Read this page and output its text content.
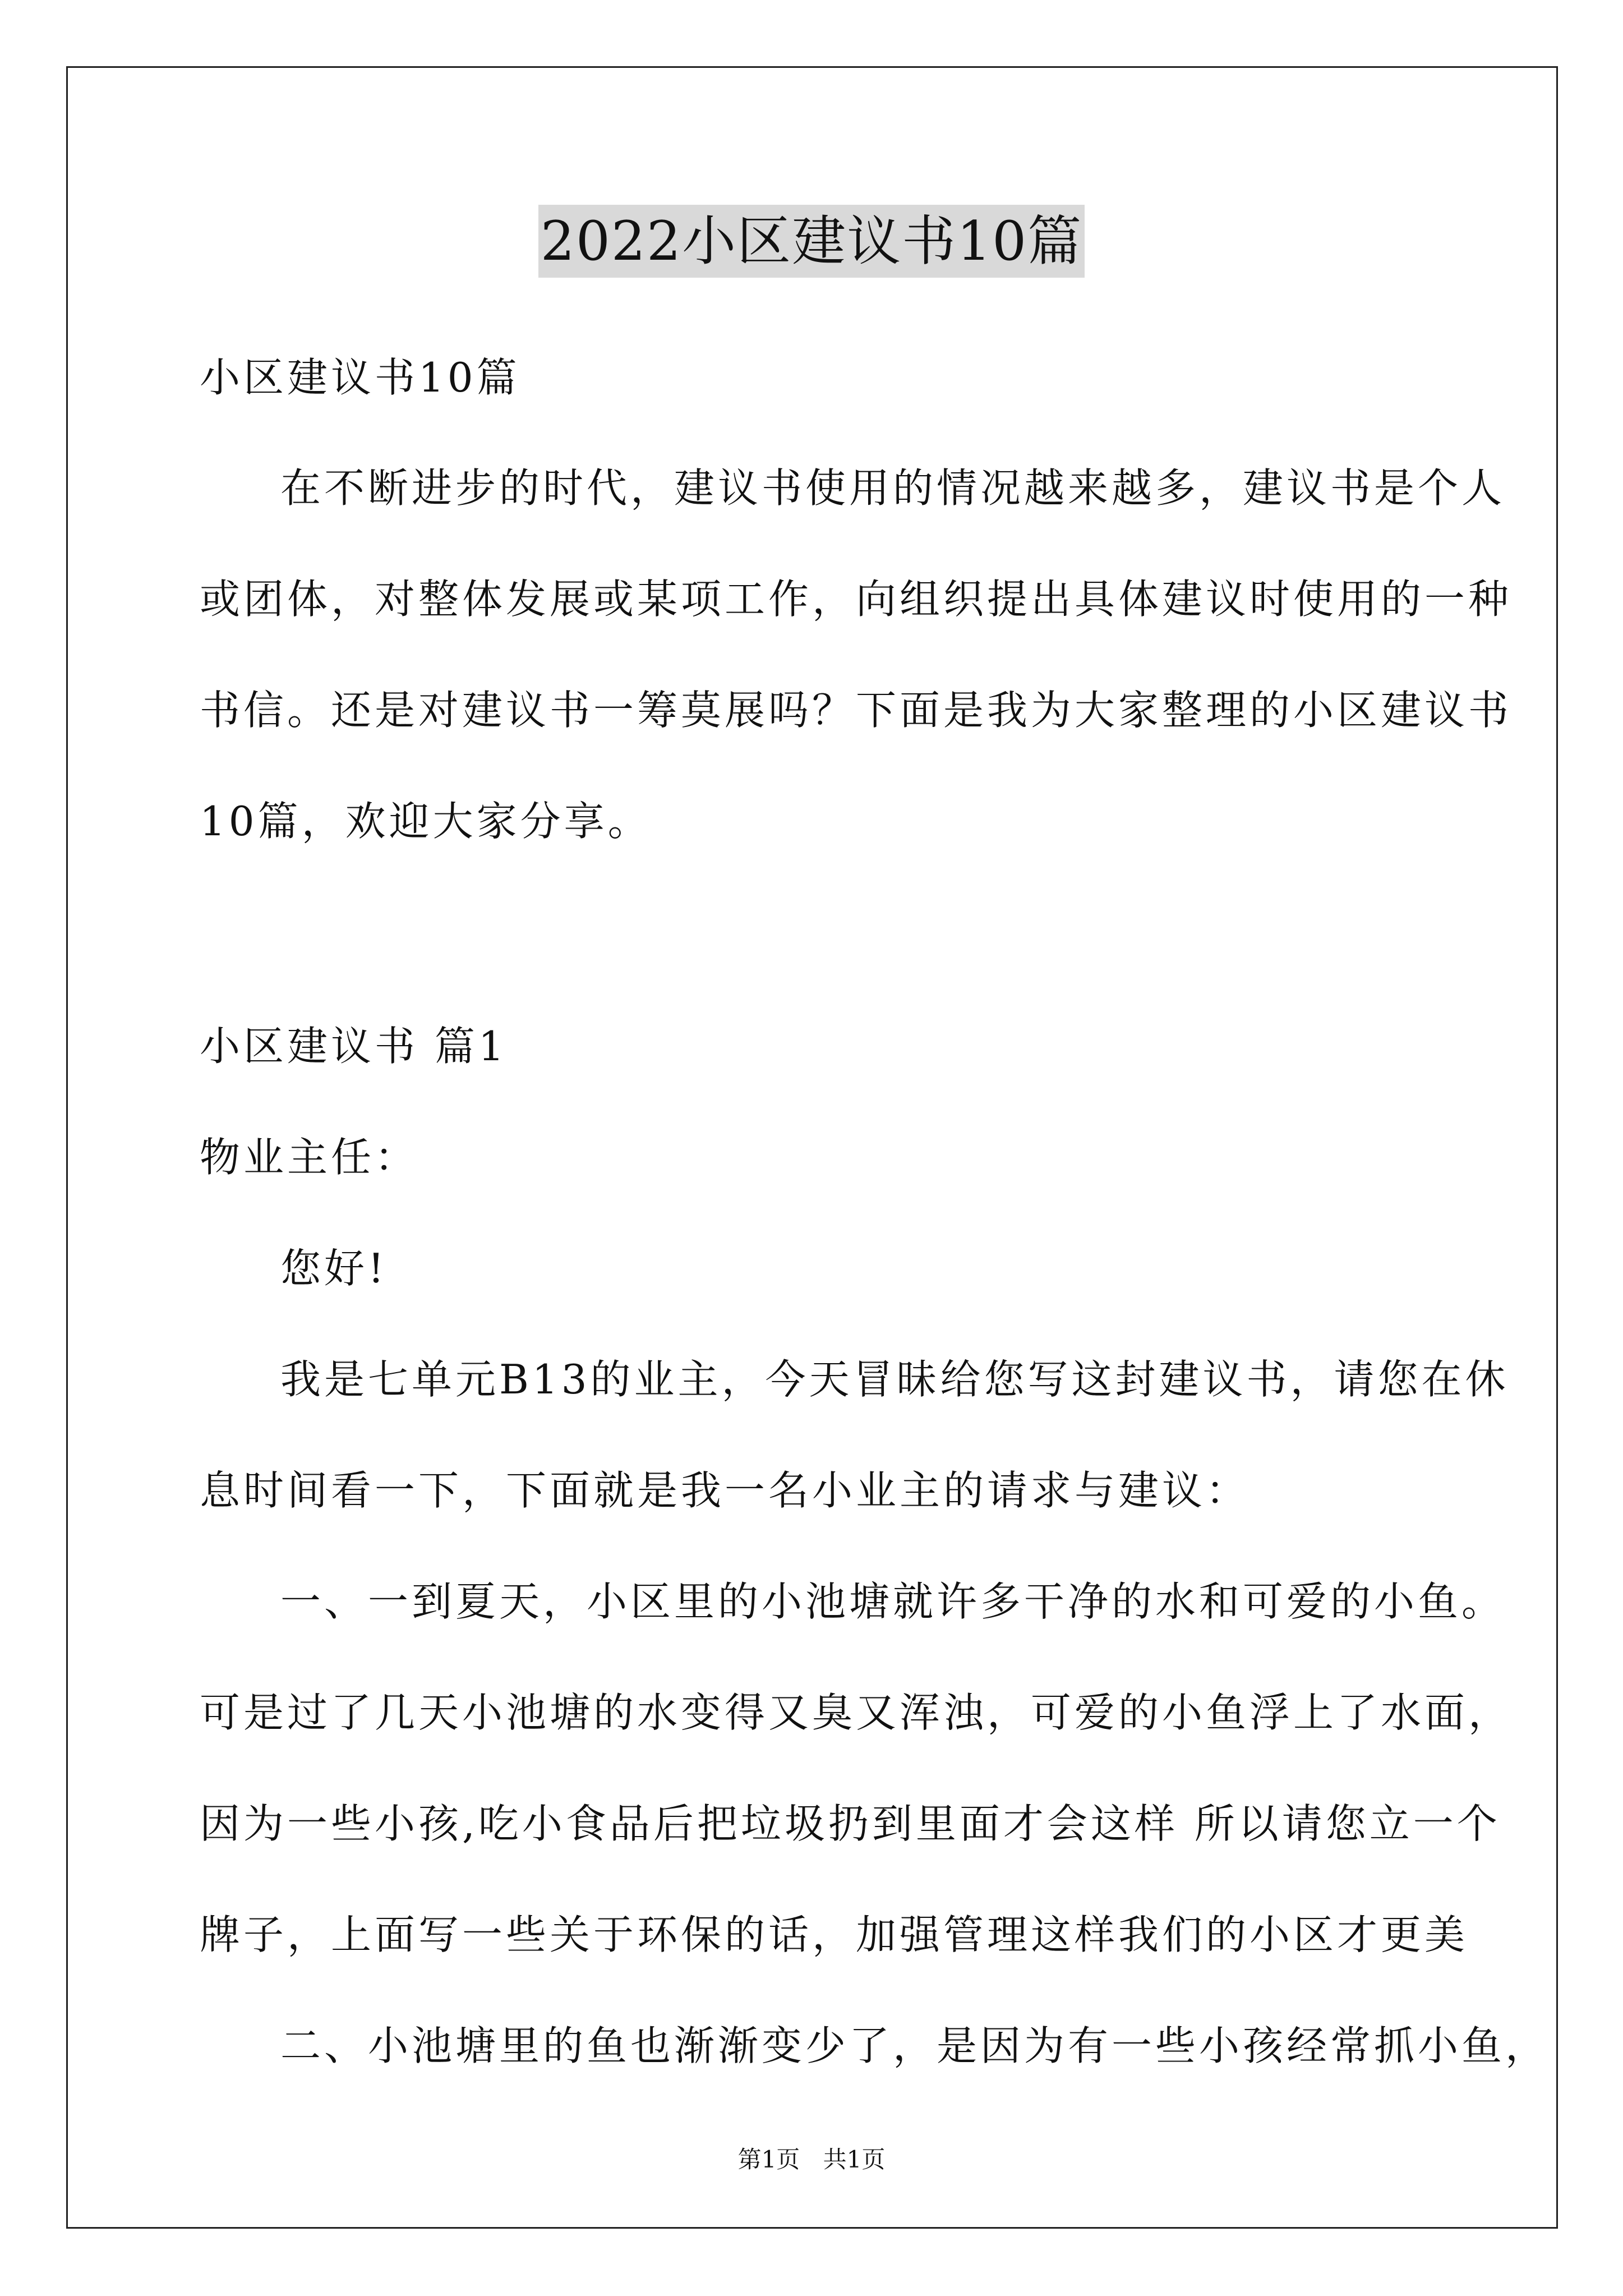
2022小区建议书10篇
小区建议书10篇
在不断进步的时代，建议书使用的情况越来越多，建议书是个人
或团体，对整体发展或某项工作，向组织提出具体建议时使用的一种
书信。还是对建议书一筹莫展吗？下面是我为大家整理的小区建议书
10篇，欢迎大家分享。
小区建议书 篇1
物业主任：
您好!
我是七单元B13的业主，今天冒昧给您写这封建议书，请您在休
息时间看一下，下面就是我一名小业主的请求与建议：
一、一到夏天，小区里的小池塘就许多干净的水和可爱的小鱼。
可是过了几天小池塘的水变得又臭又浑浊，可爱的小鱼浮上了水面，
因为一些小孩,吃小食品后把垃圾扔到里面才会这样 所以请您立一个
牌子，上面写一些关于环保的话，加强管理这样我们的小区才更美
二、小池塘里的鱼也渐渐变少了，是因为有一些小孩经常抓小鱼，
第1页 共1页
